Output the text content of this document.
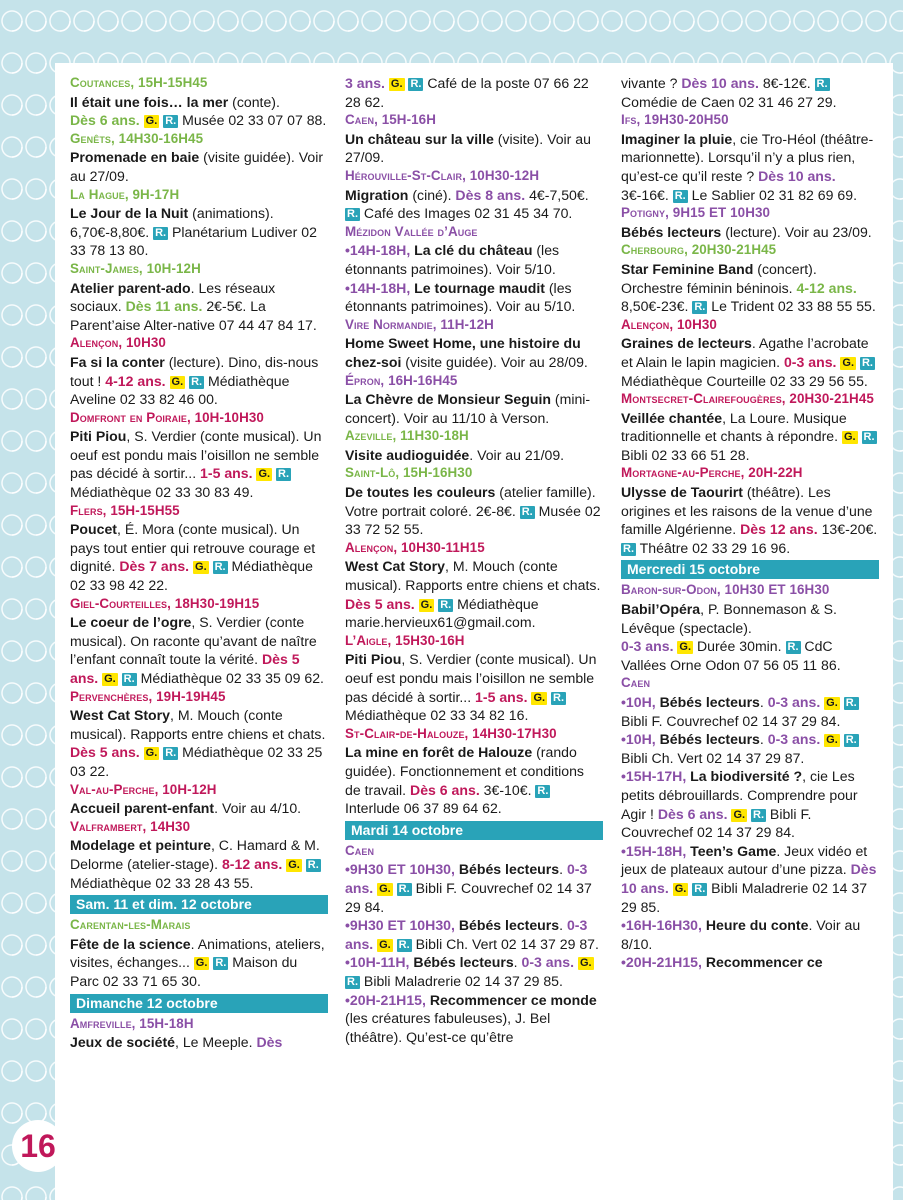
Coutances, 15H-15H45

Il était une fois… la mer (conte).
Dès 6 ans. G. R. Musée 02 33 07 07 88.

Genêts, 14H30-16H45

Promenade en baie (visite guidée). Voir au 27/09.

La Hague, 9H-17H

Le Jour de la Nuit (animations). 6,70€-8,80€. R. Planétarium Ludiver 02 33 78 13 80.

Saint-James, 10H-12H

Atelier parent-ado. Les réseaux sociaux. Dès 11 ans. 2€-5€. La Parent’aise Alter-native 07 44 47 84 17.

Alençon, 10H30

Fa si la conter (lecture). Dino, dis-nous tout ! 4-12 ans. G. R. Médiathèque Aveline 02 33 82 46 00.

Domfront en Poiraie, 10H-10H30

Piti Piou, S. Verdier (conte musical). Un oeuf est pondu mais l’oisillon ne semble pas décidé à sortir... 1-5 ans. G. R. Médiathèque 02 33 30 83 49.

Flers, 15H-15H55

Poucet, É. Mora (conte musical). Un pays tout entier qui retrouve courage et dignité. Dès 7 ans. G. R. Médiathèque 02 33 98 42 22.

Giel-Courteilles, 18H30-19H15

Le coeur de l’ogre, S. Verdier (conte musical). On raconte qu’avant de naître l’enfant connaît toute la vérité. Dès 5 ans. G. R. Médiathèque 02 33 35 09 62.

Pervenchères, 19H-19H45

West Cat Story, M. Mouch (conte musical). Rapports entre chiens et chats. Dès 5 ans. G. R. Médiathèque 02 33 25 03 22.

Val-au-Perche, 10H-12H

Accueil parent-enfant. Voir au 4/10.

Valframbert, 14H30

Modelage et peinture, C. Hamard & M. Delorme (atelier-stage). 8-12 ans. G. R. Médiathèque 02 33 28 43 55.
Sam. 11 et dim. 12 octobre

Carentan-les-Marais

Fête de la science. Animations, ateliers, visites, échanges... G. R. Maison du Parc 02 33 71 65 30.
Dimanche 12 octobre

Amfreville, 15H-18H

Jeux de société, Le Meeple. Dès
3 ans. G. R. Café de la poste 07 66 22 28 62.

Caen, 15H-16H

Un château sur la ville (visite). Voir au 27/09.

Hérouville-St-Clair, 10H30-12H

Migration (ciné). Dès 8 ans. 4€-7,50€. R. Café des Images 02 31 45 34 70.

Mézidon Vallée d’Auge

•14H-18H, La clé du château (les étonnants patrimoines). Voir 5/10.
•14H-18H, Le tournage maudit (les étonnants patrimoines). Voir au 5/10.

Vire Normandie, 11H-12H

Home Sweet Home, une histoire du chez-soi (visite guidée). Voir au 28/09.

Épron, 16H-16H45

La Chèvre de Monsieur Seguin (mini-concert). Voir au 11/10 à Verson.

Azeville, 11H30-18H

Visite audioguidée. Voir au 21/09.

Saint-Lô, 15H-16H30

De toutes les couleurs (atelier famille). Votre portrait coloré. 2€-8€. R. Musée 02 33 72 52 55.

Alençon, 10H30-11H15

West Cat Story, M. Mouch (conte musical). Rapports entre chiens et chats. Dès 5 ans. G. R. Médiathèque marie.hervieux61@gmail.com.

L’Aigle, 15H30-16H

Piti Piou, S. Verdier (conte musical). Un oeuf est pondu mais l’oisillon ne semble pas décidé à sortir... 1-5 ans. G. R. Médiathèque 02 33 34 82 16.

St-Clair-de-Halouze, 14H30-17H30

La mine en forêt de Halouze (rando guidée). Fonctionnement et conditions de travail. Dès 6 ans. 3€-10€. R. Interlude 06 37 89 64 62.
Mardi 14 octobre

Caen

•9H30 ET 10H30, Bébés lecteurs. 0-3 ans. G. R. Bibli F. Couvrechef 02 14 37 29 84.
•9H30 ET 10H30, Bébés lecteurs. 0-3 ans. G. R. Bibli Ch. Vert 02 14 37 29 87.
•10H-11H, Bébés lecteurs. 0-3 ans. G. R. Bibli Maladrerie 02 14 37 29 85.
•20H-21H15, Recommencer ce monde (les créatures fabuleuses), J. Bel (théâtre). Qu’est-ce qu’être
vivante ? Dès 10 ans. 8€-12€. R. Comédie de Caen 02 31 46 27 29.

Ifs, 19H30-20H50

Imaginer la pluie, cie Tro-Héol (théâtre-marionnette). Lorsqu’il n’y a plus rien, qu’est-ce qu’il reste ? Dès 10 ans. 3€-16€. R. Le Sablier 02 31 82 69 69.

Potigny, 9H15 ET 10H30

Bébés lecteurs (lecture). Voir au 23/09.

Cherbourg, 20H30-21H45

Star Feminine Band (concert). Orchestre féminin béninois. 4-12 ans. 8,50€-23€. R. Le Trident 02 33 88 55 55.

Alençon, 10H30

Graines de lecteurs. Agathe l’acrobate et Alain le lapin magicien. 0-3 ans. G. R. Médiathèque Courteille 02 33 29 56 55.

Montsecret-Clairefougères, 20H30-21H45

Veillée chantée, La Loure. Musique traditionnelle et chants à répondre. G. R. Bibli 02 33 66 51 28.

Mortagne-au-Perche, 20H-22H

Ulysse de Taourirt (théâtre). Les origines et les raisons de la venue d’une famille Algérienne. Dès 12 ans. 13€-20€. R. Théâtre 02 33 29 16 96.
Mercredi 15 octobre

Baron-sur-Odon, 10H30 ET 16H30

Babil’Opéra, P. Bonnemason & S. Lévêque (spectacle).
0-3 ans. G. Durée 30min. R. CdC Vallées Orne Odon 07 56 05 11 86.

Caen

•10H, Bébés lecteurs. 0-3 ans. G. R. Bibli F. Couvrechef 02 14 37 29 84.
•10H, Bébés lecteurs. 0-3 ans. G. R. Bibli Ch. Vert 02 14 37 29 87.
•15H-17H, La biodiversité ?, cie Les petits débrouillards. Comprendre pour Agir ! Dès 6 ans. G. R. Bibli F. Couvrechef 02 14 37 29 84.
•15H-18H, Teen’s Game. Jeux vidéo et jeux de plateaux autour d’une pizza. Dès 10 ans. G. R. Bibli Maladrerie 02 14 37 29 85.
•16H-16H30, Heure du conte. Voir au 8/10.
•20H-21H15, Recommencer ce
16
